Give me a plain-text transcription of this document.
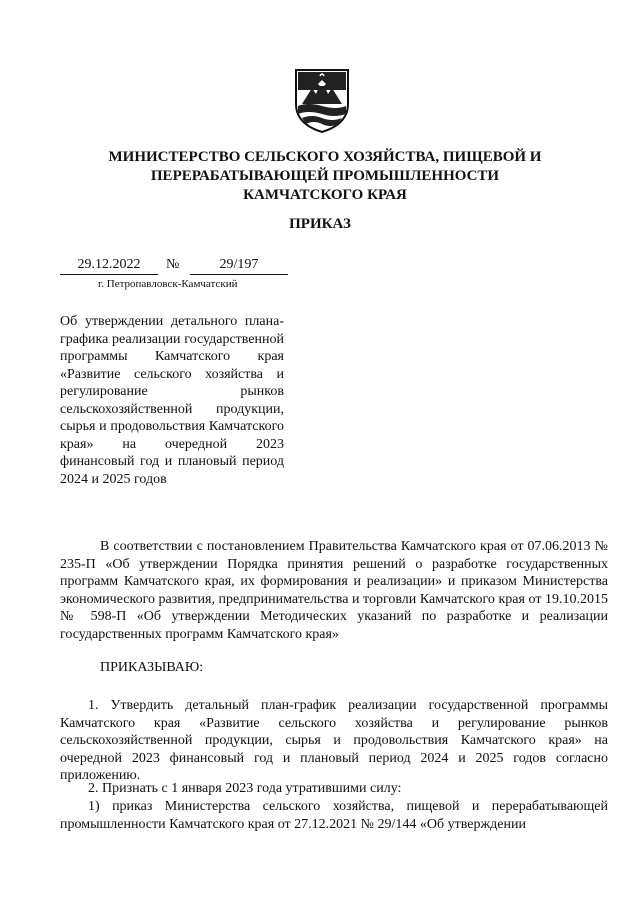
МИНИСТЕРСТВО СЕЛЬСКОГО ХОЗЯЙСТВА, ПИЩЕВОЙ И
ПЕРЕРАБАТЫВАЮЩЕЙ ПРОМЫШЛЕННОСТИ
КАМЧАТСКОГО КРАЯ
ПРИКАЗ
29.12.2022	№	29/197
г. Петропавловск-Камчатский
Об утверждении детального плана-графика реализации государственной программы Камчатского края «Развитие сельского хозяйства и регулирование рынков сельскохозяйственной продукции, сырья и продовольствия Камчатского края» на очередной 2023 финансовый год и плановый период 2024 и 2025 годов
В соответствии с постановлением Правительства Камчатского края от 07.06.2013 № 235-П «Об утверждении Порядка принятия решений о разработке государственных программ Камчатского края, их формирования и реализации» и приказом Министерства экономического развития, предпринимательства и торговли Камчатского края от 19.10.2015 № 598-П «Об утверждении Методических указаний по разработке и реализации государственных программ Камчатского края»
ПРИКАЗЫВАЮ:
1. Утвердить детальный план-график реализации государственной программы Камчатского края «Развитие сельского хозяйства и регулирование рынков сельскохозяйственной продукции, сырья и продовольствия Камчатского края» на очередной 2023 финансовый год и плановый период 2024 и 2025 годов согласно приложению.
2. Признать с 1 января 2023 года утратившими силу:
1) приказ Министерства сельского хозяйства, пищевой и перерабатывающей промышленности Камчатского края от 27.12.2021 № 29/144 «Об утверждении
